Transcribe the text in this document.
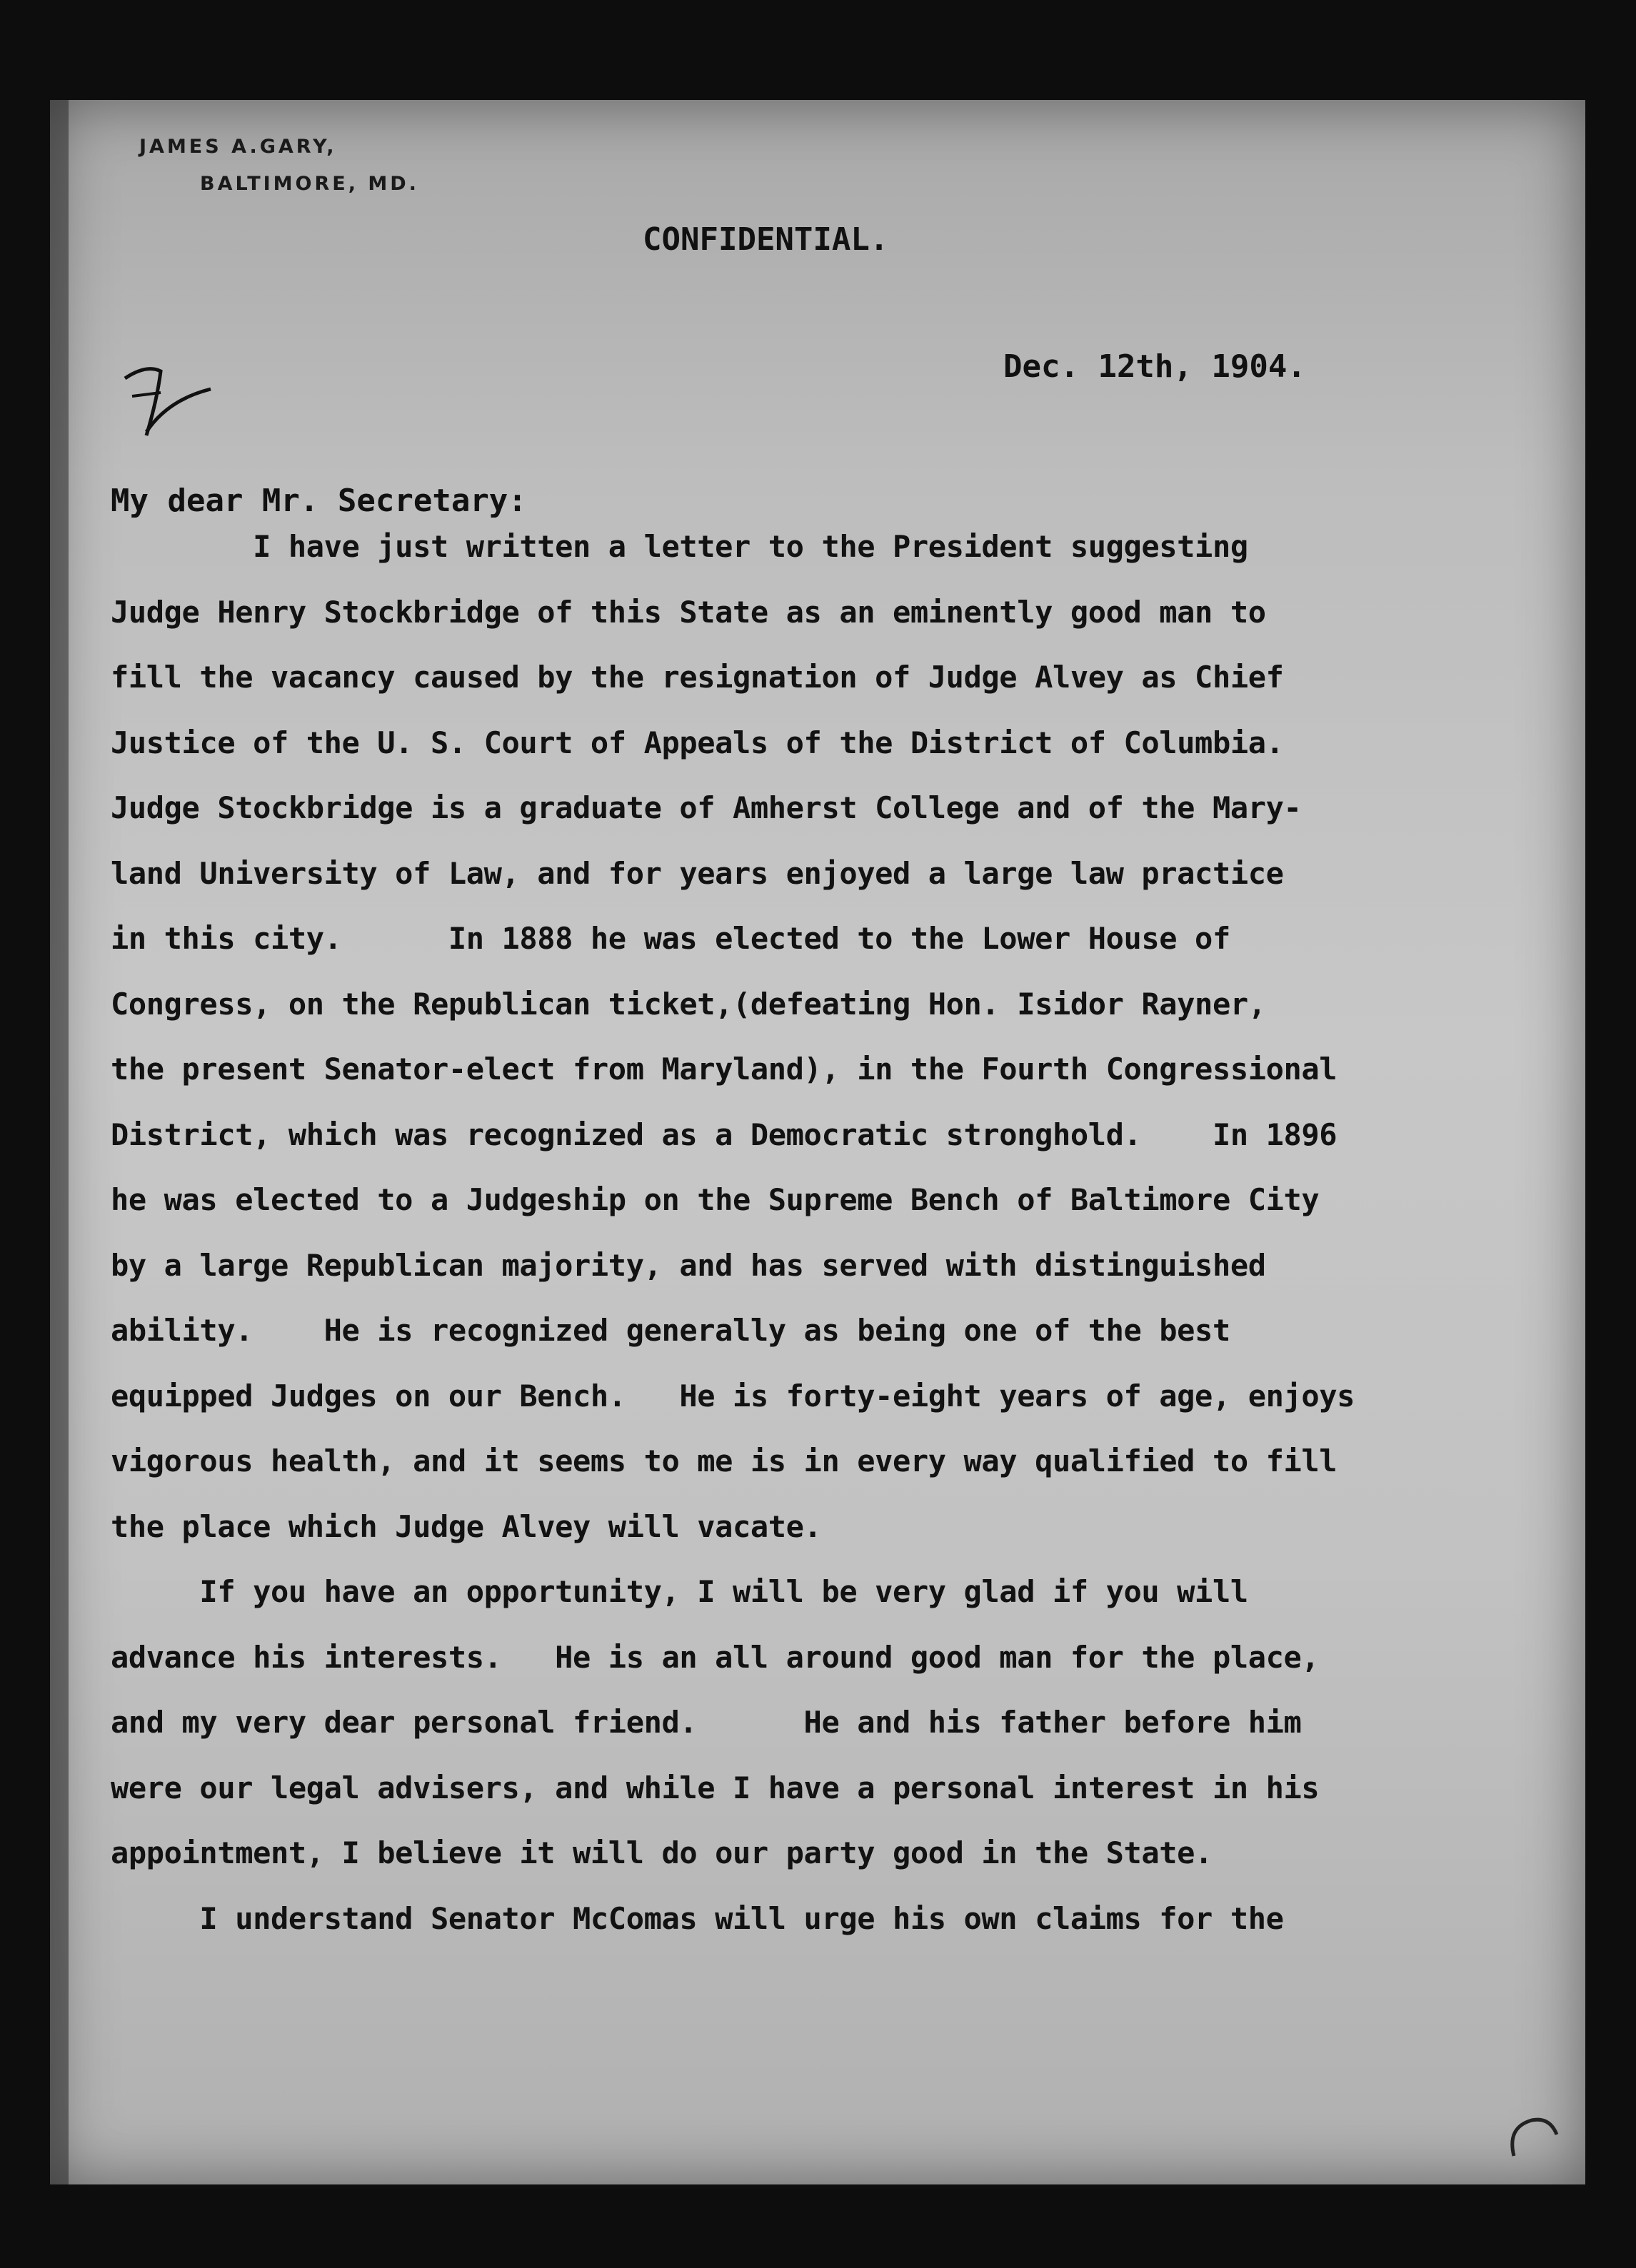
JAMES A.GARY,
BALTIMORE, MD.
CONFIDENTIAL.
Dec. 12th, 1904.
My dear Mr. Secretary:
I have just written a letter to the President suggesting
Judge Henry Stockbridge of this State as an eminently good man to
fill the vacancy caused by the resignation of Judge Alvey as Chief
Justice of the U. S. Court of Appeals of the District of Columbia.
Judge Stockbridge is a graduate of Amherst College and of the Mary-
land University of Law, and for years enjoyed a large law practice
in this city.      In 1888 he was elected to the Lower House of
Congress, on the Republican ticket,(defeating Hon. Isidor Rayner,
the present Senator-elect from Maryland), in the Fourth Congressional
District, which was recognized as a Democratic stronghold.    In 1896
he was elected to a Judgeship on the Supreme Bench of Baltimore City
by a large Republican majority, and has served with distinguished
ability.    He is recognized generally as being one of the best
equipped Judges on our Bench.   He is forty-eight years of age, enjoys
vigorous health, and it seems to me is in every way qualified to fill
the place which Judge Alvey will vacate.
If you have an opportunity, I will be very glad if you will
advance his interests.   He is an all around good man for the place,
and my very dear personal friend.      He and his father before him
were our legal advisers, and while I have a personal interest in his
appointment, I believe it will do our party good in the State.
I understand Senator McComas will urge his own claims for the
